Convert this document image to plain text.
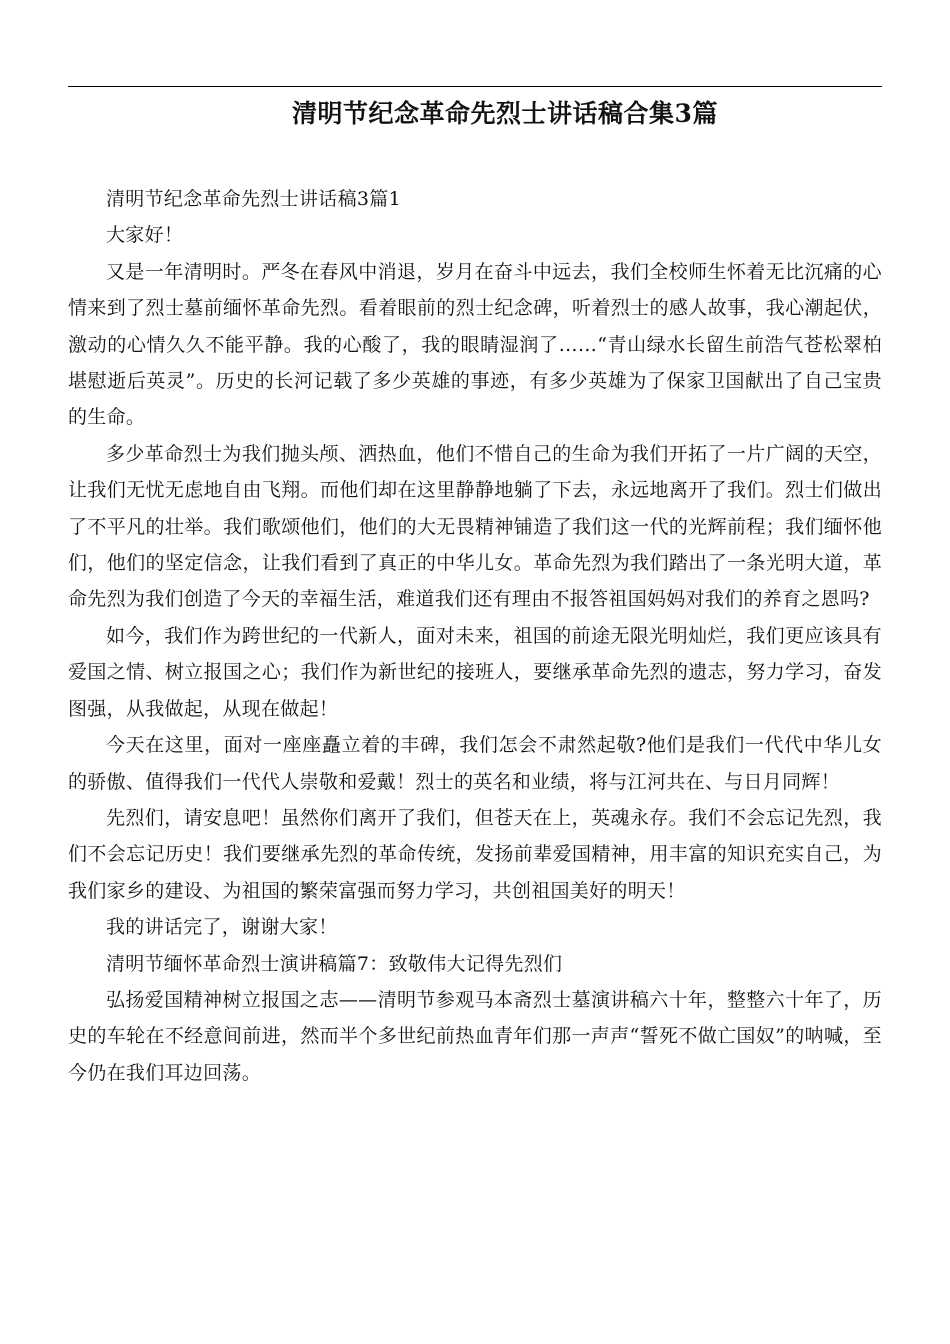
清明节纪念革命先烈士讲话稿合集3篇

清明节纪念革命先烈士讲话稿3篇1

大家好！

又是一年清明时。严冬在春风中消退，岁月在奋斗中远去，我们全校师生怀着无比沉痛的心情来到了烈士墓前缅怀革命先烈。看着眼前的烈士纪念碑，听着烈士的感人故事，我心潮起伏，激动的心情久久不能平静。我的心酸了，我的眼睛湿润了……“青山绿水长留生前浩气苍松翠柏堪慰逝后英灵”。历史的长河记载了多少英雄的事迹，有多少英雄为了保家卫国献出了自己宝贵的生命。

多少革命烈士为我们抛头颅、洒热血，他们不惜自己的生命为我们开拓了一片广阔的天空，让我们无忧无虑地自由飞翔。而他们却在这里静静地躺了下去，永远地离开了我们。烈士们做出了不平凡的壮举。我们歌颂他们，他们的大无畏精神铺造了我们这一代的光辉前程；我们缅怀他们，他们的坚定信念，让我们看到了真正的中华儿女。革命先烈为我们踏出了一条光明大道，革命先烈为我们创造了今天的幸福生活，难道我们还有理由不报答祖国妈妈对我们的养育之恩吗?

如今，我们作为跨世纪的一代新人，面对未来，祖国的前途无限光明灿烂，我们更应该具有爱国之情、树立报国之心；我们作为新世纪的接班人，要继承革命先烈的遗志，努力学习，奋发图强，从我做起，从现在做起！

今天在这里，面对一座座矗立着的丰碑，我们怎会不肃然起敬?他们是我们一代代中华儿女的骄傲、值得我们一代代人崇敬和爱戴！烈士的英名和业绩，将与江河共在、与日月同辉！

先烈们，请安息吧！虽然你们离开了我们，但苍天在上，英魂永存。我们不会忘记先烈，我们不会忘记历史！我们要继承先烈的革命传统，发扬前辈爱国精神，用丰富的知识充实自己，为我们家乡的建设、为祖国的繁荣富强而努力学习，共创祖国美好的明天！

我的讲话完了，谢谢大家！

清明节缅怀革命烈士演讲稿篇7：致敬伟大记得先烈们

弘扬爱国精神树立报国之志——清明节参观马本斋烈士墓演讲稿六十年，整整六十年了，历史的车轮在不经意间前进，然而半个多世纪前热血青年们那一声声“誓死不做亡国奴”的呐喊，至今仍在我们耳边回荡。
